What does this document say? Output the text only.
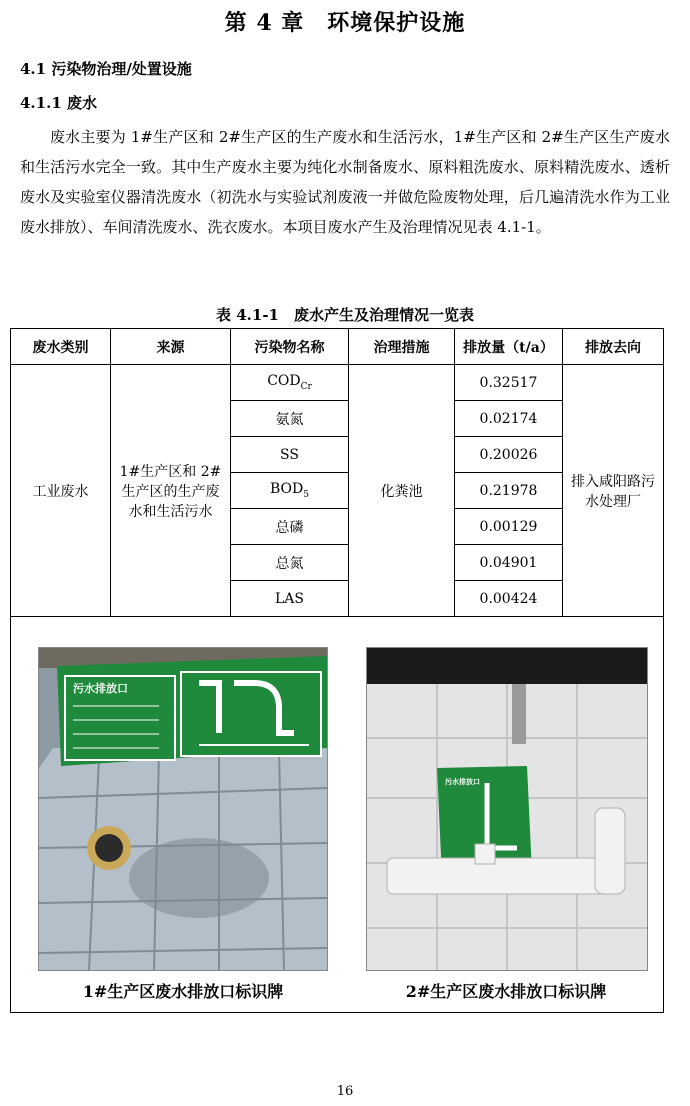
第 4 章　环境保护设施
4.1 污染物治理/处置设施
4.1.1 废水
废水主要为 1#生产区和 2#生产区的生产废水和生活污水，1#生产区和 2#生产区生产废水和生活污水完全一致。其中生产废水主要为纯化水制备废水、原料粗洗废水、原料精洗废水、透析废水及实验室仪器清洗废水（初洗水与实验试剂废液一并做危险废物处理，后几遍清洗水作为工业废水排放）、车间清洗废水、洗衣废水。本项目废水产生及治理情况见表 4.1-1。
表 4.1-1　废水产生及治理情况一览表
废水类别	来源	污染物名称	治理措施	排放量（t/a）	排放去向
工业废水	1#生产区和 2#生产区的生产废水和生活污水	$COD_{Cr}$	化粪池	0.32517	排入咸阳路污水处理厂
		氨氮		0.02174	
		SS		0.20026	
		$BOD_5$		0.21978	
		总磷		0.00129	
		总氮		0.04901	
		LAS		0.00424	

污水排放口
污水排放口
1#生产区废水排放口标识牌 2#生产区废水排放口标识牌					
16
